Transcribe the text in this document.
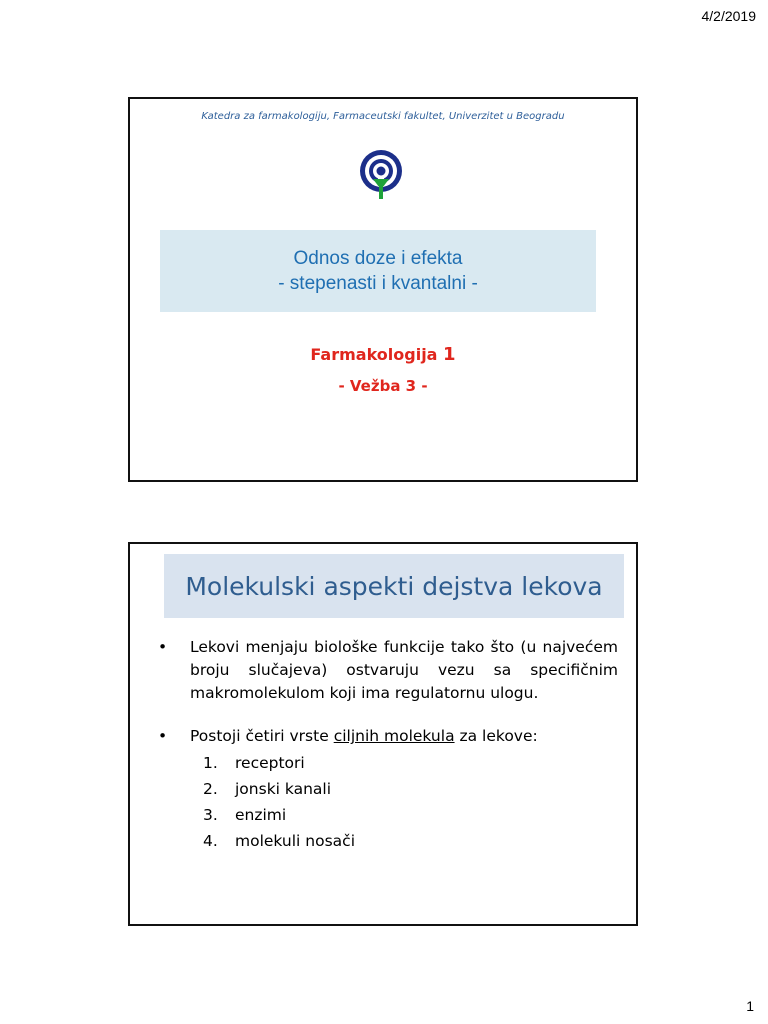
4/2/2019
Katedra za farmakologiju, Farmaceutski fakultet, Univerzitet u Beogradu
Odnos doze i efekta
- stepenasti i kvantalni -
Farmakologija 1
- Vežba 3 -
Molekulski aspekti dejstva lekova
• Lekovi menjaju biološke funkcije tako što (u najvećem broju slučajeva) ostvaruju vezu sa specifičnim makromolekulom koji ima regulatornu ulogu.
• Postoji četiri vrste ciljnih molekula za lekove:
1.	receptori
2.	jonski kanali
3.	enzimi
4.	molekuli nosači
1
